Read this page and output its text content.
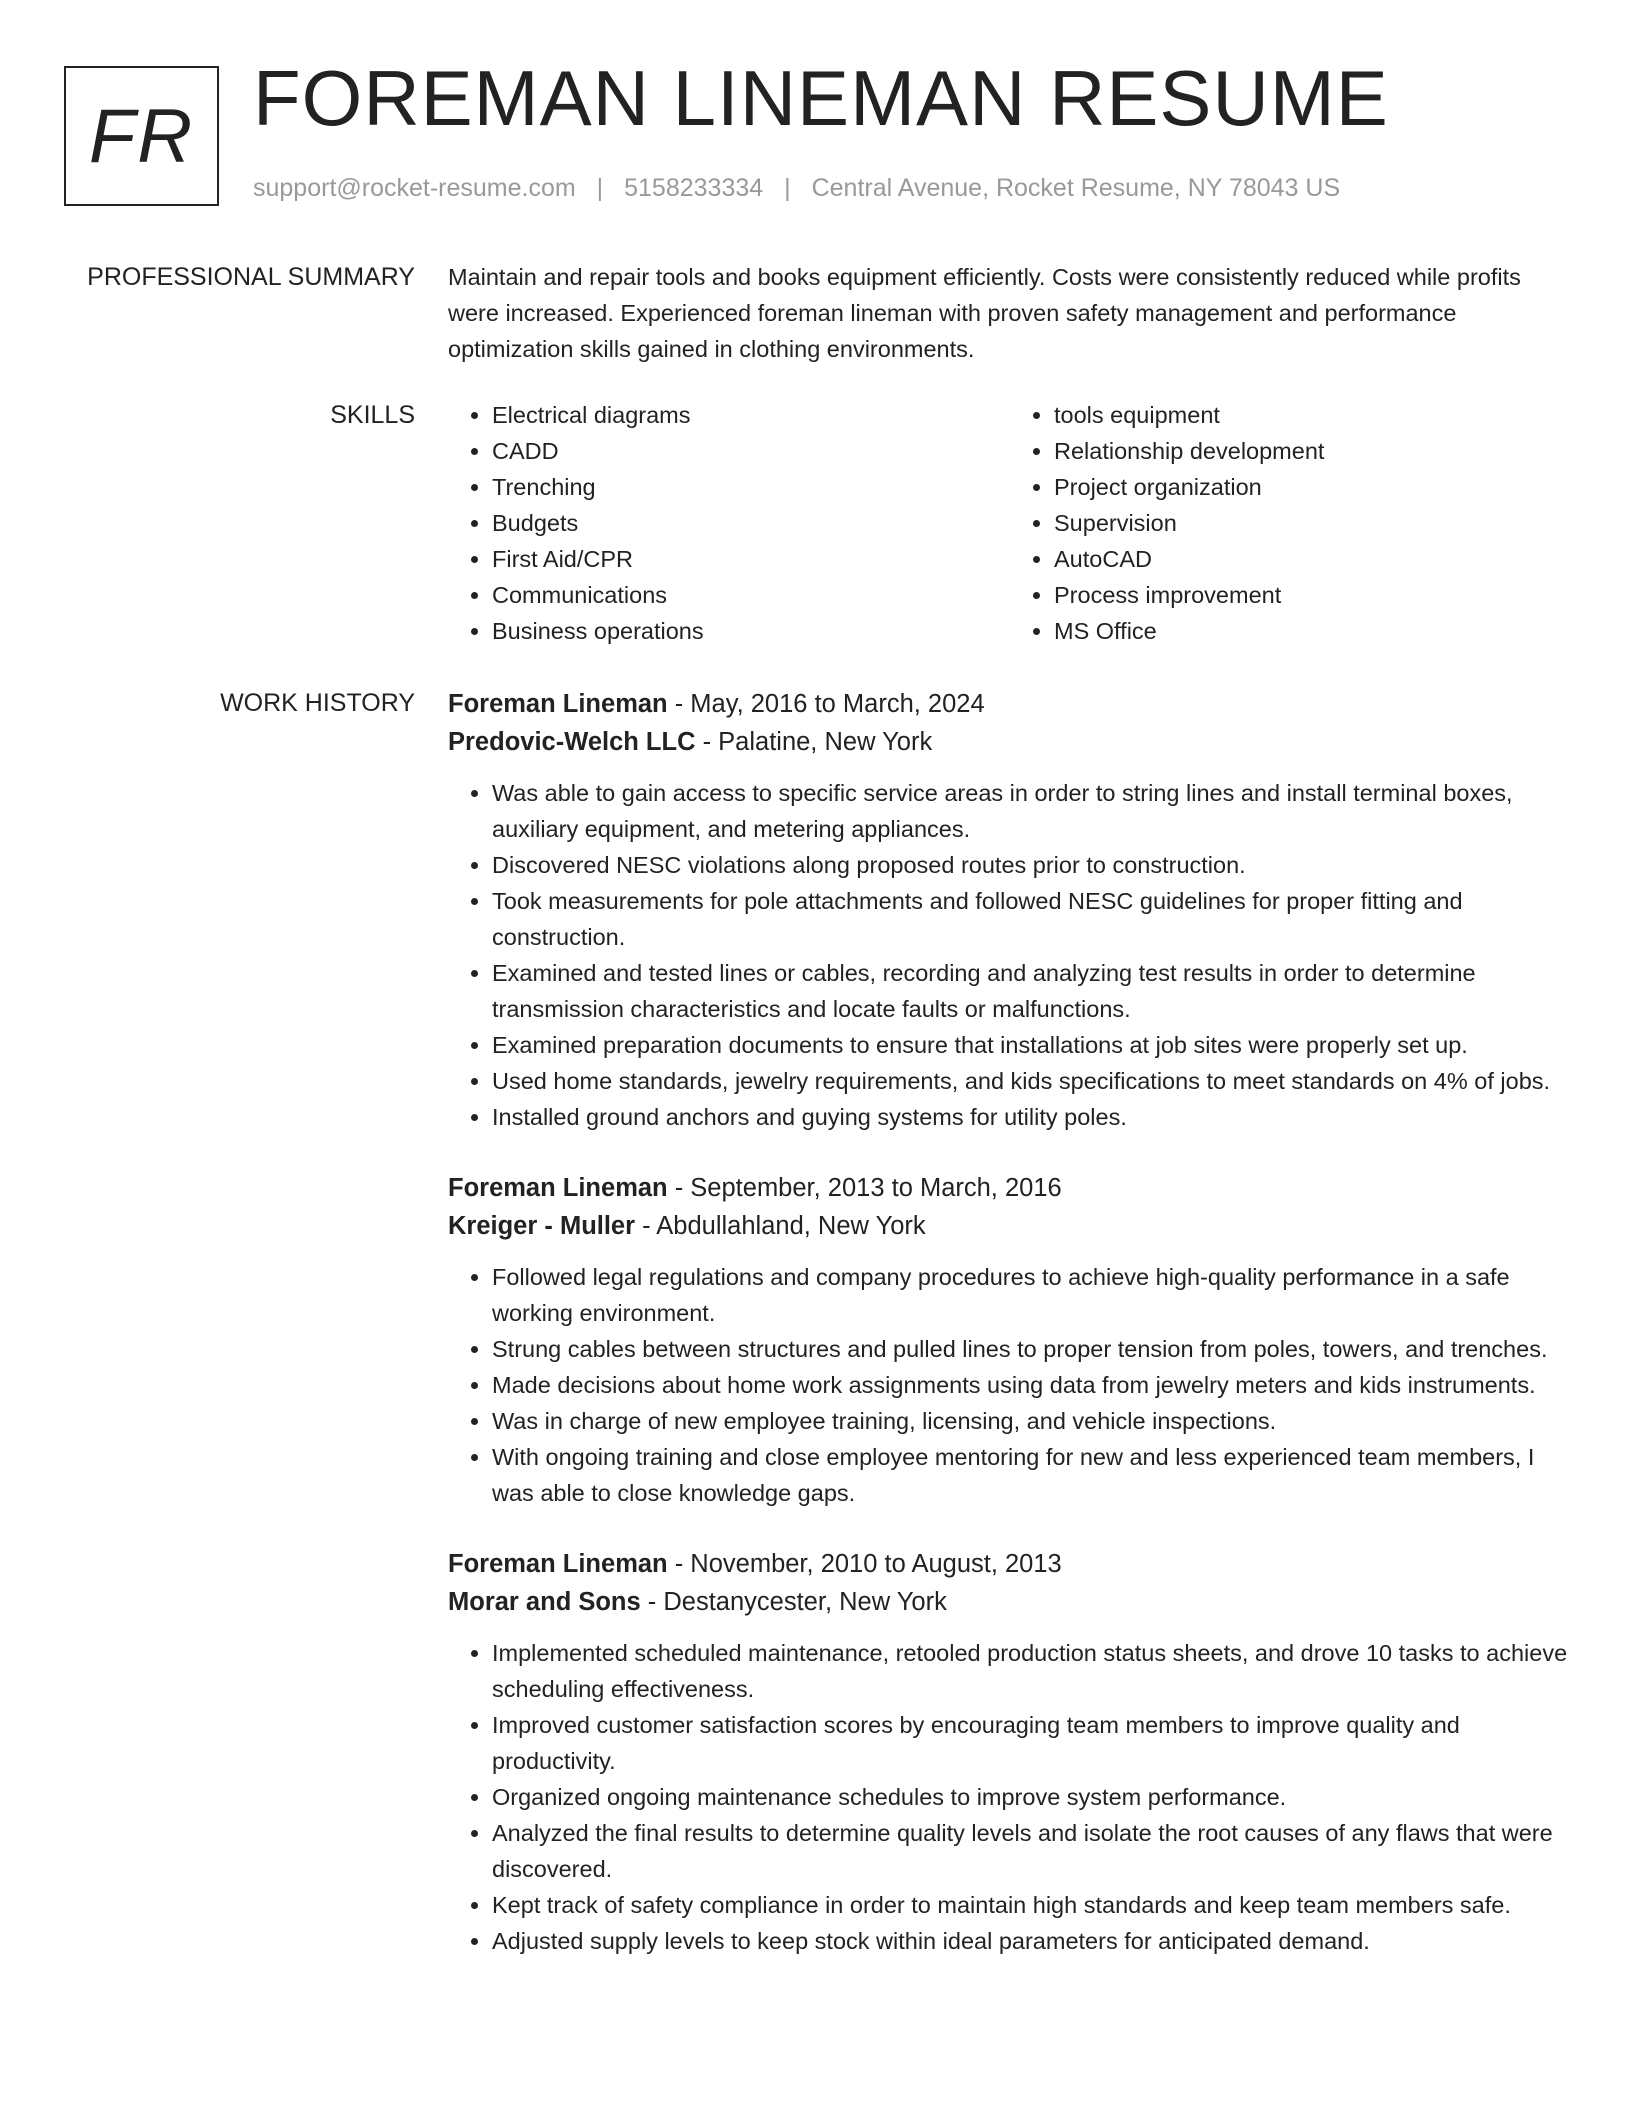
FR FOREMAN LINEMAN RESUME
support@rocket-resume.com | 5158233334 | Central Avenue, Rocket Resume, NY 78043 US
PROFESSIONAL SUMMARY Maintain and repair tools and books equipment efficiently. Costs were consistently reduced while profits were increased. Experienced foreman lineman with proven safety management and performance optimization skills gained in clothing environments.

SKILLS
•	Electrical diagrams
• CADD
• Trenching
• Budgets
• First Aid/CPR
• Communications
• Business operations
• tools equipment
• Relationship development
• Project organization
• Supervision
• AutoCAD
• Process improvement
• MS Office
WORK HISTORY Foreman Lineman - May, 2016 to March, 2024
Predovic-Welch LLC - Palatine, New York
• Was able to gain access to specific service areas in order to string lines and install terminal boxes, auxiliary equipment, and metering appliances.
• Discovered NESC violations along proposed routes prior to construction.
• Took measurements for pole attachments and followed NESC guidelines for proper fitting and construction.
• Examined and tested lines or cables, recording and analyzing test results in order to determine transmission characteristics and locate faults or malfunctions.
• Examined preparation documents to ensure that installations at job sites were properly set up.
• Used home standards, jewelry requirements, and kids specifications to meet standards on 4% of jobs.
• Installed ground anchors and guying systems for utility poles.
Foreman Lineman - September, 2013 to March, 2016
Kreiger - Muller - Abdullahland, New York
• Followed legal regulations and company procedures to achieve high-quality performance in a safe working environment.
• Strung cables between structures and pulled lines to proper tension from poles, towers, and trenches.
• Made decisions about home work assignments using data from jewelry meters and kids instruments.
• Was in charge of new employee training, licensing, and vehicle inspections.
• With ongoing training and close employee mentoring for new and less experienced team members, I was able to close knowledge gaps.
Foreman Lineman - November, 2010 to August, 2013
Morar and Sons - Destanycester, New York
• Implemented scheduled maintenance, retooled production status sheets, and drove 10 tasks to achieve scheduling effectiveness.
• Improved customer satisfaction scores by encouraging team members to improve quality and productivity.
• Organized ongoing maintenance schedules to improve system performance.
• Analyzed the final results to determine quality levels and isolate the root causes of any flaws that were discovered.
• Kept track of safety compliance in order to maintain high standards and keep team members safe.
• Adjusted supply levels to keep stock within ideal parameters for anticipated demand.
